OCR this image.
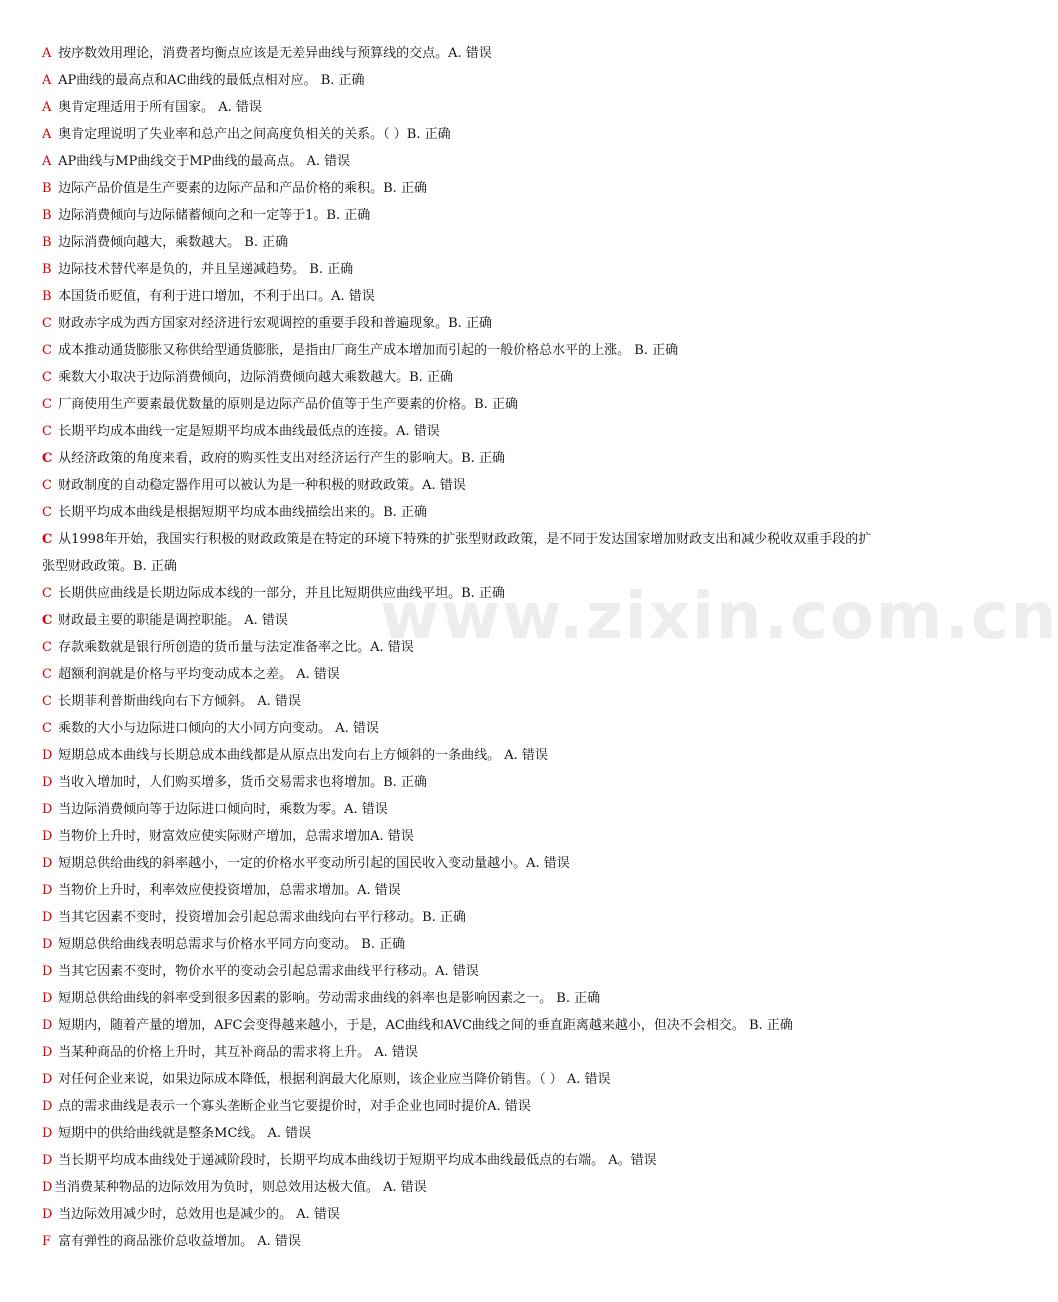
www.zixin.com.cn
A 按序数效用理论，消费者均衡点应该是无差异曲线与预算线的交点。A. 错误
A AP曲线的最高点和AC曲线的最低点相对应。 B. 正确
A 奥肯定理适用于所有国家。 A. 错误
A 奥肯定理说明了失业率和总产出之间高度负相关的关系。（ ）B. 正确
A AP曲线与MP曲线交于MP曲线的最高点。 A. 错误
B 边际产品价值是生产要素的边际产品和产品价格的乘积。B. 正确
B 边际消费倾向与边际储蓄倾向之和一定等于1。B. 正确
B 边际消费倾向越大，乘数越大。 B. 正确
B 边际技术替代率是负的，并且呈递减趋势。 B. 正确
B 本国货币贬值，有利于进口增加，不利于出口。A. 错误
C 财政赤字成为西方国家对经济进行宏观调控的重要手段和普遍现象。B. 正确
C 成本推动通货膨胀又称供给型通货膨胀，是指由厂商生产成本增加而引起的一般价格总水平的上涨。 B. 正确
C 乘数大小取决于边际消费倾向，边际消费倾向越大乘数越大。B. 正确
C 厂商使用生产要素最优数量的原则是边际产品价值等于生产要素的价格。B. 正确
C 长期平均成本曲线一定是短期平均成本曲线最低点的连接。A. 错误
C 从经济政策的角度来看，政府的购买性支出对经济运行产生的影响大。B. 正确
C 财政制度的自动稳定器作用可以被认为是一种积极的财政政策。A. 错误
C 长期平均成本曲线是根据短期平均成本曲线描绘出来的。B. 正确
C 从1998年开始，我国实行积极的财政政策是在特定的环境下特殊的扩张型财政政策，是不同于发达国家增加财政支出和减少税收双重手段的扩张型财政政策。B. 正确
C 长期供应曲线是长期边际成本线的一部分，并且比短期供应曲线平坦。B. 正确
C 财政最主要的职能是调控职能。 A. 错误
C 存款乘数就是银行所创造的货币量与法定准备率之比。A. 错误
C 超额利润就是价格与平均变动成本之差。 A. 错误
C 长期菲利普斯曲线向右下方倾斜。 A. 错误
C 乘数的大小与边际进口倾向的大小同方向变动。 A. 错误
D 短期总成本曲线与长期总成本曲线都是从原点出发向右上方倾斜的一条曲线。 A. 错误
D 当收入增加时，人们购买增多，货币交易需求也将增加。B. 正确
D 当边际消费倾向等于边际进口倾向时，乘数为零。A. 错误
D 当物价上升时，财富效应使实际财产增加，总需求增加A. 错误
D 短期总供给曲线的斜率越小，一定的价格水平变动所引起的国民收入变动量越小。A. 错误
D 当物价上升时，利率效应使投资增加，总需求增加。A. 错误
D 当其它因素不变时，投资增加会引起总需求曲线向右平行移动。B. 正确
D 短期总供给曲线表明总需求与价格水平同方向变动。 B. 正确
D 当其它因素不变时，物价水平的变动会引起总需求曲线平行移动。A. 错误
D 短期总供给曲线的斜率受到很多因素的影响。劳动需求曲线的斜率也是影响因素之一。 B. 正确
D 短期内，随着产量的增加，AFC会变得越来越小，于是，AC曲线和AVC曲线之间的垂直距离越来越小，但决不会相交。 B. 正确
D 当某种商品的价格上升时，其互补商品的需求将上升。 A. 错误
D 对任何企业来说，如果边际成本降低，根据利润最大化原则，该企业应当降价销售。（ ） A. 错误
D 点的需求曲线是表示一个寡头垄断企业当它要提价时，对手企业也同时提价A. 错误
D 短期中的供给曲线就是整条MC线。 A. 错误
D 当长期平均成本曲线处于递减阶段时，长期平均成本曲线切于短期平均成本曲线最低点的右端。 A。错误
D 当消费某种物品的边际效用为负时，则总效用达极大值。 A. 错误
D 当边际效用减少时，总效用也是减少的。 A. 错误
F 富有弹性的商品涨价总收益增加。 A. 错误
